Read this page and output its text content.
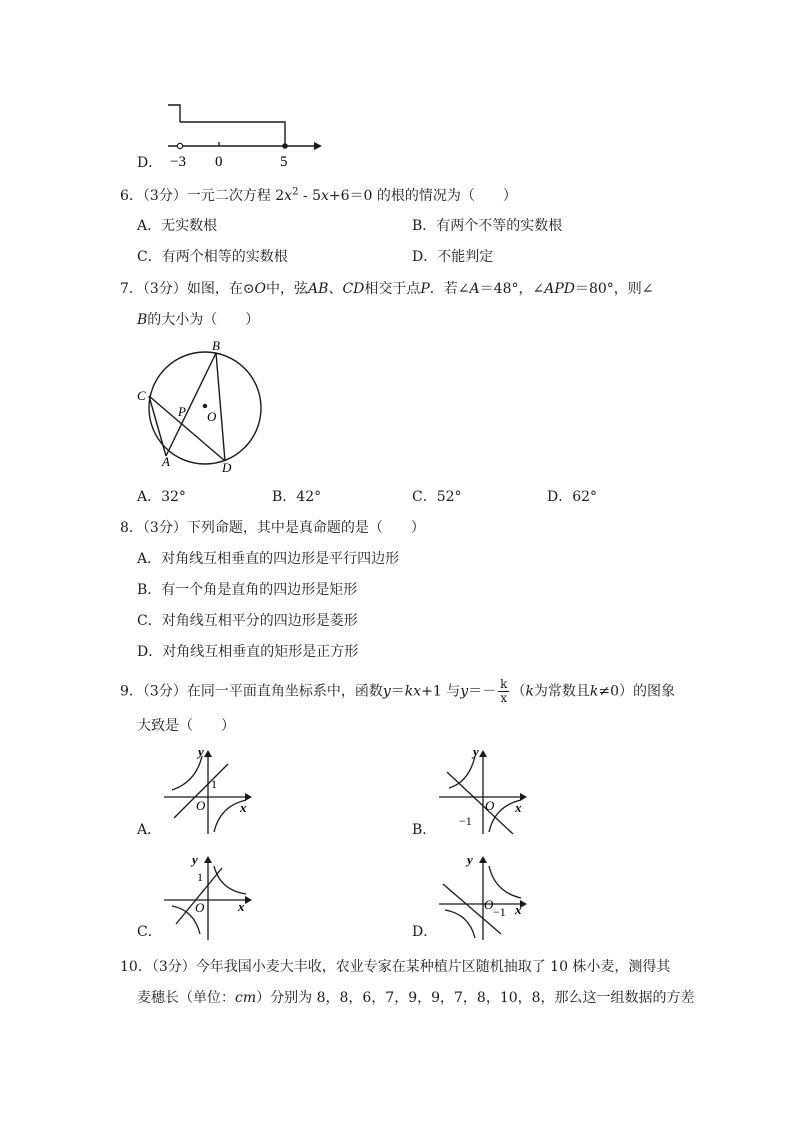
−3 0	5
D．
6．（3分）一元二次方程 $2x^2 - 5x+6=0$ 的根的情况为（　　）
A．无实数根	B．有两个不等的实数根
C．有两个相等的实数根	D．不能判定
7．（3分）如图，在⊙O中，弦AB、CD相交于点P．若∠A＝48°，∠APD＝80°，则∠
B的大小为（　　）
B
C
P O
A	D
A．32°	B．42°	C．52°	D．62°
8．（3分）下列命题，其中是真命题的是（　　）
A．对角线互相垂直的四边形是平行四边形
B．有一个角是直角的四边形是矩形
C．对角线互相平分的四边形是菱形
D．对角线互相垂直的矩形是正方形
9．（3分）在同一平面直角坐标系中，函数y＝kx+1 与$y=- \frac{k}{x} (k$为常数且k≠0）的图象
大致是（　　）
y
x
O
1
A．
y
x
O
−1
B．
y
x
O
1
C．
y
x
O −1
D．
10．（3分）今年我国小麦大丰收，农业专家在某种植片区随机抽取了 10 株小麦，测得其
麦穗长（单位：cm）分别为 8，8，6，7，9，9，7，8，10，8，那么这一组数据的方差
